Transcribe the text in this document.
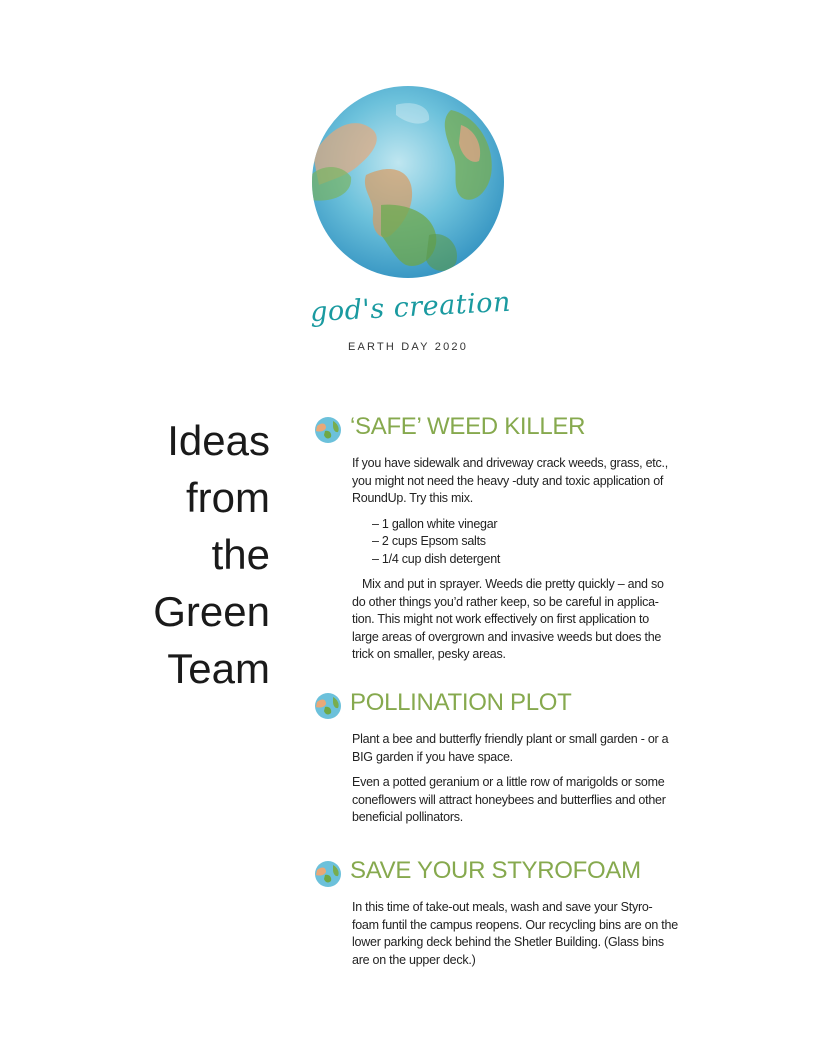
god's creation
EARTH DAY 2020
Ideas
from
the
Green
Team
‘SAFE’ WEED KILLER

If you have sidewalk and driveway crack weeds, grass, etc., you might not need the heavy -duty and toxic application of RoundUp. Try this mix.

– 1 gallon white vinegar
– 2 cups Epsom salts
– 1/4 cup dish detergent

Mix and put in sprayer. Weeds die pretty quickly – and so do other things you’d rather keep, so be careful in applica-tion. This might not work effectively on first application to large areas of overgrown and invasive weeds but does the trick on smaller, pesky areas.

POLLINATION PLOT

Plant a bee and butterfly friendly plant or small garden - or a BIG garden if you have space.

Even a potted geranium or a little row of marigolds or some coneflowers will attract honeybees and butterflies and other beneficial pollinators.

SAVE YOUR STYROFOAM

In this time of take-out meals, wash and save your Styro-foam funtil the campus reopens. Our recycling bins are on the lower parking deck behind the Shetler Building. (Glass bins are on the upper deck.)
